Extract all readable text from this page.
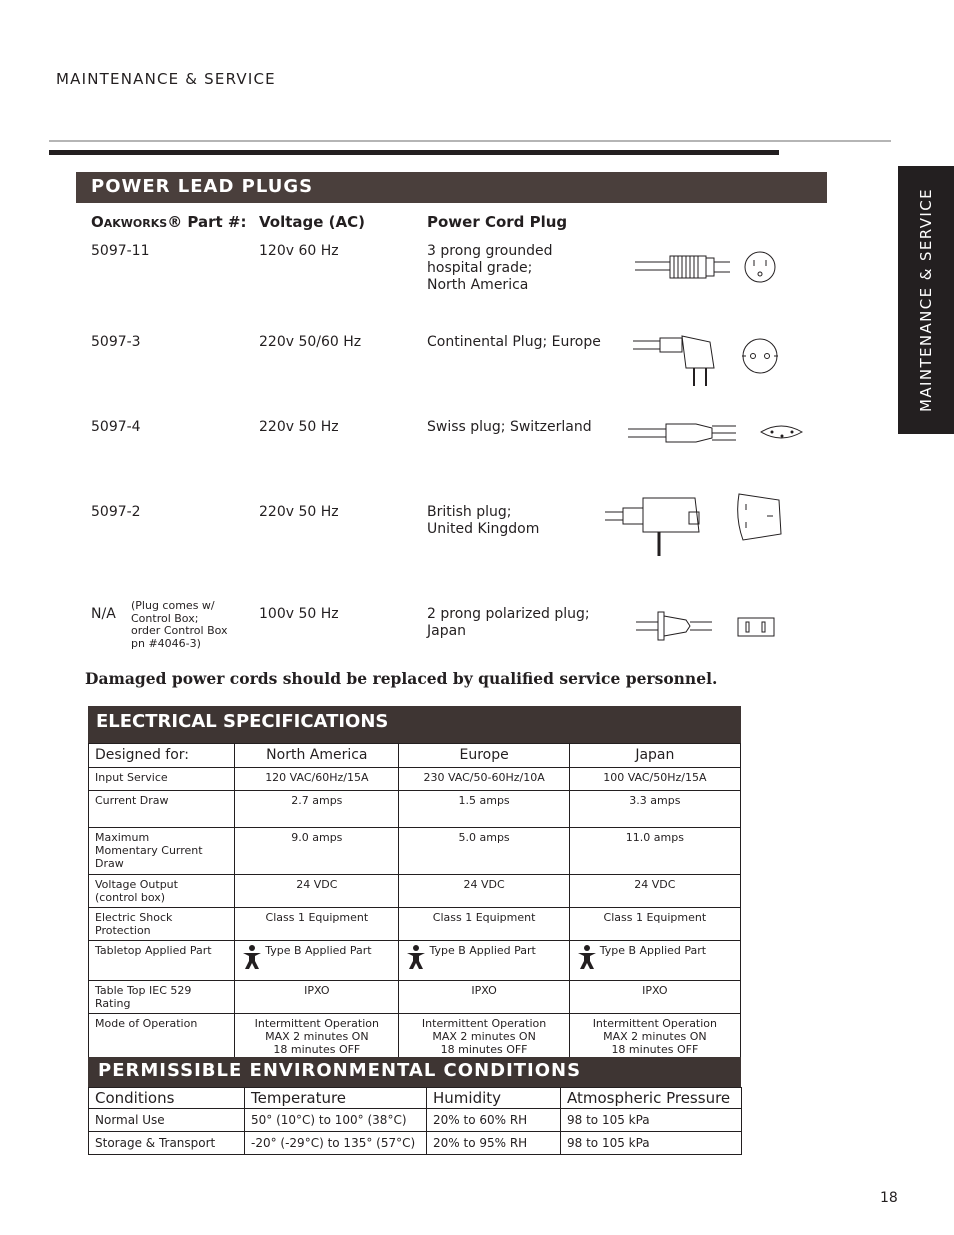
MAINTENANCE & SERVICE
MAINTENANCE & SERVICE
POWER LEAD PLUGS
Oakworks® Part #: Voltage (AC)	Power Cord Plug
5097-11	120v 60 Hz	3 prong grounded
hospital grade;
North America
5097-3	220v 50/60 Hz	Continental Plug; Europe
5097-4	220v 50 Hz	Swiss plug; Switzerland
5097-2	220v 50 Hz	British plug;
United Kingdom
N/A
(Plug comes w/
Control Box;
order Control Box
pn #4046-3)
100v 50 Hz	2 prong polarized plug;
Japan
Damaged power cords should be replaced by qualified service personnel.
ELECTRICAL SPECIFICATIONS
Designed for:	North America	Europe	Japan
Input Service	120 VAC/60Hz/15A	230 VAC/50-60Hz/10A	100 VAC/50Hz/15A
Current Draw	2.7 amps	1.5 amps	3.3 amps
Maximum
Momentary Current
Draw	9.0 amps	5.0 amps	11.0 amps
Voltage Output
(control box)	24 VDC	24 VDC	24 VDC
Electric Shock
Protection	Class 1 Equipment	Class 1 Equipment	Class 1 Equipment
Tabletop Applied Part	Type B Applied Part	Type B Applied Part	Type B Applied Part
Table Top IEC 529 Rating	IPXO	IPXO	IPXO
Mode of Operation	Intermittent Operation
MAX 2 minutes ON
18 minutes OFF	Intermittent Operation
MAX 2 minutes ON
18 minutes OFF	Intermittent Operation
MAX 2 minutes ON
18 minutes OFF
PERMISSIBLE ENVIRONMENTAL CONDITIONS
Conditions	Temperature	Humidity	Atmospheric Pressure
Normal Use	50° (10°C) to 100° (38°C)	20% to 60% RH	98 to 105 kPa
Storage & Transport	-20° (-29°C) to 135° (57°C)	20% to 95% RH	98 to 105 kPa
18
